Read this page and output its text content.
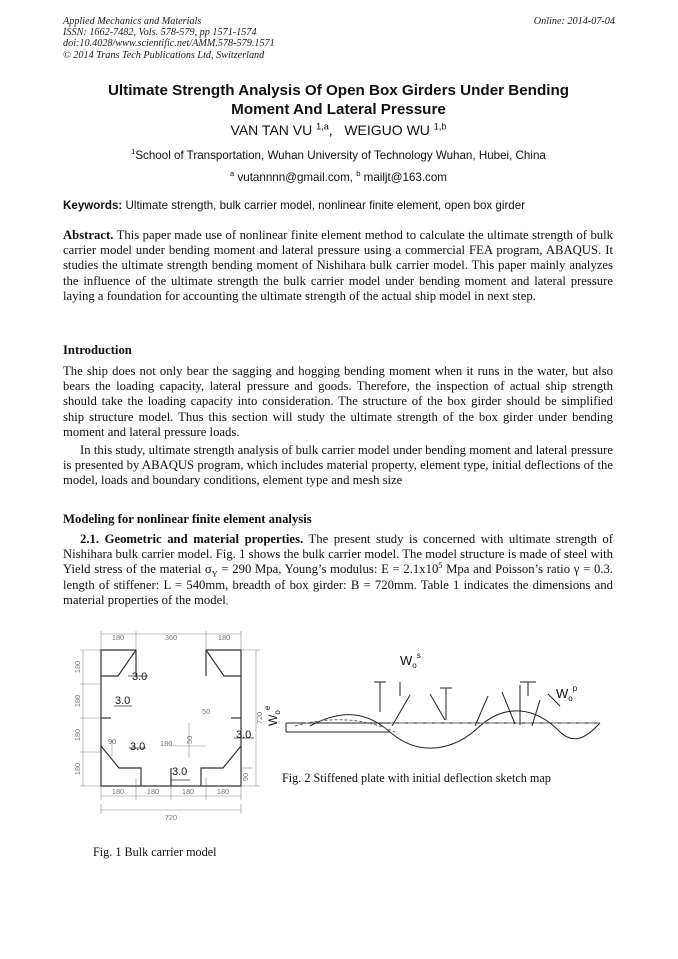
Applied Mechanics and Materials
ISSN: 1662-7482, Vols. 578-579, pp 1571-1574
doi:10.4028/www.scientific.net/AMM.578-579.1571
© 2014 Trans Tech Publications Ltd, Switzerland
Online: 2014-07-04
Ultimate Strength Analysis Of Open Box Girders Under Bending
Moment And Lateral Pressure
VAN TAN VU $^{1,a}$, WEIGUO WU $^{1,b}$
$^1$School of Transportation, Wuhan University of Technology Wuhan, Hubei, China
$^a$ vutannnn@gmail.com, $^b$ mailjt@163.com
Keywords: Ultimate strength, bulk carrier model, nonlinear finite element, open box girder

Abstract. This paper made use of nonlinear finite element method to calculate the ultimate strength of bulk carrier model under bending moment and lateral pressure using a commercial FEA program, ABAQUS. It studies the ultimate strength bending moment of Nishihara bulk carrier model. This paper mainly analyzes the influence of the ultimate strength the bulk carrier model under bending moment and lateral pressure laying a foundation for accounting the ultimate strength of the actual ship model in next step.

Introduction

The ship does not only bear the sagging and hogging bending moment when it runs in the water, but also bears the loading capacity, lateral pressure and goods. Therefore, the inspection of actual ship strength should take the loading capacity into consideration. The structure of the box girder should be simplified ship structure model. Thus this section will study the ultimate strength of the box girder under bending moment and lateral pressure loads.

In this study, ultimate strength analysis of bulk carrier model under bending moment and lateral pressure is presented by ABAQUS program, which includes material property, element type, initial deflections of the model, loads and boundary conditions, element type and mesh size

Modeling for nonlinear finite element analysis

2.1. Geometric and material properties. The present study is concerned with ultimate strength of Nishihara bulk carrier model. Fig. 1 shows the bulk carrier model. The model structure is made of steel with Yield stress of the material $\sigma_Y = 290$ Mpa, Young’s modulus: $E = 2.1x10^5$ Mpa and Poisson’s ratio γ = 0.3. length of stiffener: L = 540mm, breadth of box girder: B = 720mm. Table 1 indicates the dimensions and material properties of the model。

180	360	180
180	180	180	180
720
180
180
180
180
720
90
50
180 50
90
3.0
3.0
3.0
3.0
3.0
$W_o^s$
$W_o^p$
$W_o^e$
Fig. 2 Stiffened plate with initial deflection sketch map
Fig. 1 Bulk carrier model
